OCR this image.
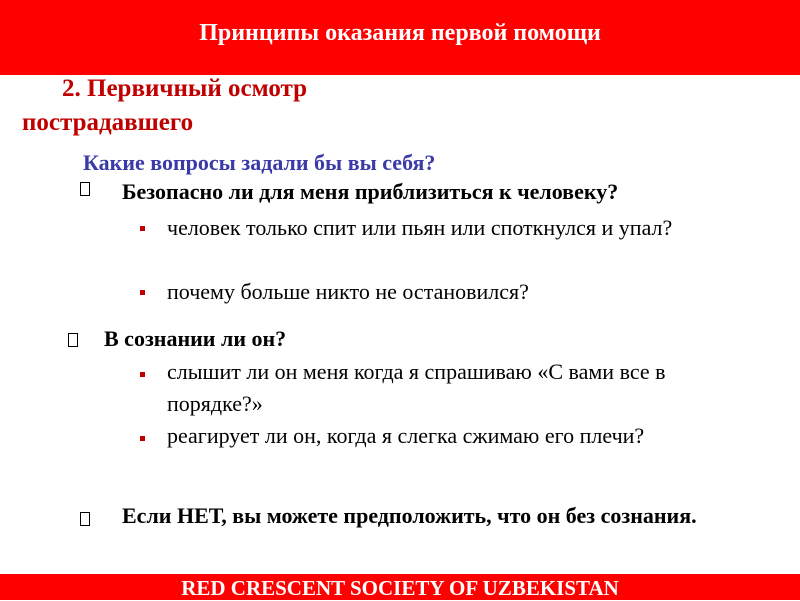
Принципы оказания первой помощи
2. Первичный осмотр
пострадавшего
Какие вопросы задали бы вы себя?
Безопасно ли для меня приблизиться к человеку?
человек только спит или пьян или споткнулся и упал?
почему больше никто не остановился?
В сознании ли он?
слышит ли он меня когда я спрашиваю «С вами все в порядке?»
реагирует ли он, когда я слегка сжимаю его плечи?
Если НЕТ, вы можете предположить, что он без сознания.
RED CRESCENT SOCIETY OF UZBEKISTAN
